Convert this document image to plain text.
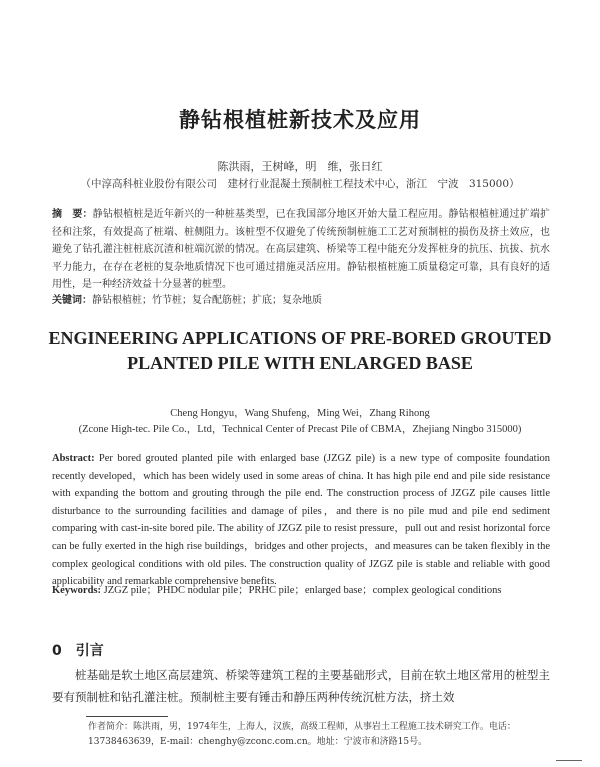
静钻根植桩新技术及应用
陈洪雨，王树峰，明　维，张日红
（中淳高科桩业股份有限公司　建材行业混凝土预制桩工程技术中心，浙江　宁波　315000）
摘　要：静钻根植桩是近年新兴的一种桩基类型，已在我国部分地区开始大量工程应用。静钻根植桩通过扩端扩径和注浆，有效提高了桩端、桩侧阻力。该桩型不仅避免了传统预制桩施工工艺对预制桩的损伤及挤土效应，也避免了钻孔灌注桩桩底沉渣和桩端沉淤的情况。在高层建筑、桥梁等工程中能充分发挥桩身的抗压、抗拔、抗水平力能力，在存在老桩的复杂地质情况下也可通过措施灵活应用。静钻根植桩施工质量稳定可靠，具有良好的适用性，是一种经济效益十分显著的桩型。
关键词：静钻根植桩；竹节桩；复合配筋桩；扩底；复杂地质
ENGINEERING APPLICATIONS OF PRE-BORED GROUTED
PLANTED PILE WITH ENLARGED BASE
Cheng Hongyu，Wang Shufeng，Ming Wei，Zhang Rihong
(Zcone High-tec. Pile Co.，Ltd，Technical Center of Precast Pile of CBMA，Zhejiang Ningbo 315000)
Abstract: Per bored grouted planted pile with enlarged base (JZGZ pile) is a new type of composite foundation recently developed，which has been widely used in some areas of china. It has high pile end and pile side resistance with expanding the bottom and grouting through the pile end. The construction process of JZGZ pile causes little disturbance to the surrounding facilities and damage of piles，and there is no pile mud and pile end sediment comparing with cast-in-site bored pile. The ability of JZGZ pile to resist pressure，pull out and resist horizontal force can be fully exerted in the high rise buildings，bridges and other projects，and measures can be taken flexibly in the complex geological conditions with old piles. The construction quality of JZGZ pile is stable and reliable with good applicability and remarkable comprehensive benefits.
Keywords: JZGZ pile；PHDC nodular pile；PRHC pile；enlarged base；complex geological conditions
0 引言
桩基础是软土地区高层建筑、桥梁等建筑工程的主要基础形式，目前在软土地区常用的桩型主要有预制桩和钻孔灌注桩。预制桩主要有锤击和静压两种传统沉桩方法，挤土效
作者简介：陈洪雨，男，1974年生，上海人，汉族，高级工程师，从事岩土工程施工技术研究工作。电话：13738463639，E-mail：chenghy@zconc.com.cn。地址：宁波市和济路15号。
